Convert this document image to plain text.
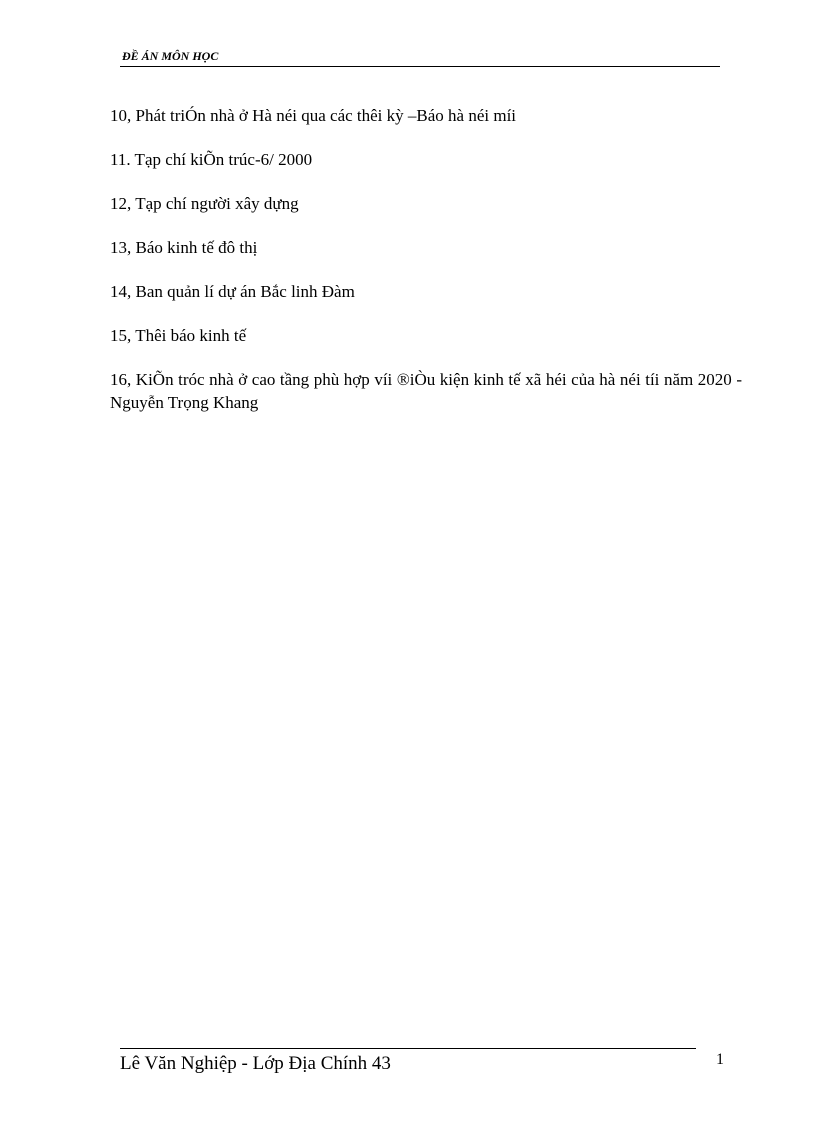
ĐỀ ÁN MÔN HỌC
10, Phát triÓn nhà ở Hà néi qua các thêi kỳ –Báo hà néi míi
11. Tạp chí kiÕn trúc-6/ 2000
12, Tạp chí người xây dựng
13, Báo kinh tế đô thị
14, Ban quản lí dự án Bắc linh Đàm
15, Thêi báo kinh tế
16, KiÕn tróc nhà ở cao tầng phù hợp víi ®iÒu kiện kinh tế xã héi của hà néi tíi năm 2020 - Nguyễn Trọng Khang
Lê Văn Nghiệp - Lớp Địa Chính 43	1
